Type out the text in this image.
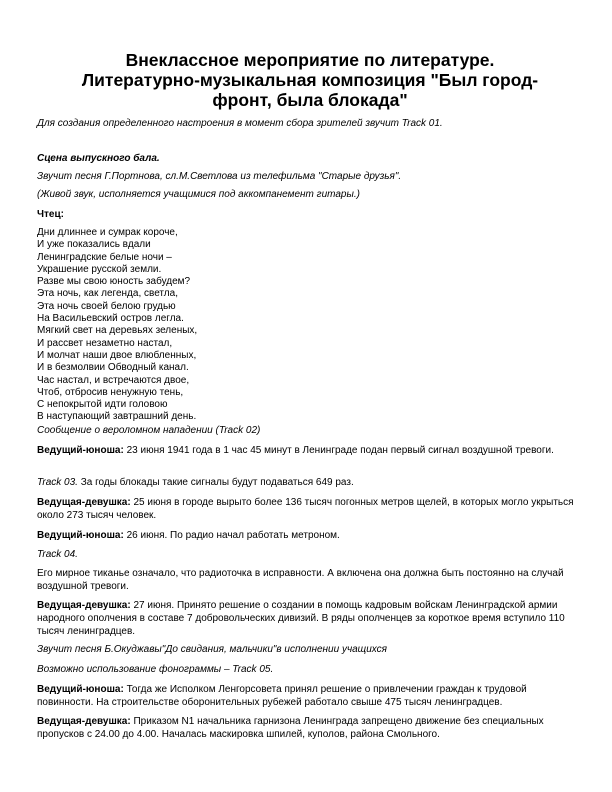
Внеклассное мероприятие по литературе.
Литературно-музыкальная композиция "Был город-
фронт, была блокада"

Для создания определенного настроения в момент сбора зрителей звучит Track 01.

Сцена выпускного бала.

Звучит песня Г.Портнова, сл.М.Светлова из телефильма "Старые друзья".

(Живой звук, исполняется учащимися под аккомпанемент гитары.)

Чтец:

Дни длиннее и сумрак короче,
И уже показались вдали
Ленинградские белые ночи –
Украшение русской земли.
Разве мы свою юность забудем?
Эта ночь, как легенда, светла,
Эта ночь своей белою грудью
На Васильевский остров легла.
Мягкий свет на деревьях зеленых,
И рассвет незаметно настал,
И молчат наши двое влюбленных,
И в безмолвии Обводный канал.
Час настал, и встречаются двое,
Чтоб, отбросив ненужную тень,
С непокрытой идти головою
В наступающий завтрашний день.

Сообщение о вероломном нападении (Track 02)

Ведущий-юноша: 23 июня 1941 года в 1 час 45 минут в Ленинграде подан первый сигнал воздушной тревоги.

Track 03. За годы блокады такие сигналы будут подаваться 649 раз.

Ведущая-девушка: 25 июня в городе вырыто более 136 тысяч погонных метров щелей, в которых могло укрыться около 273 тысяч человек.

Ведущий-юноша: 26 июня. По радио начал работать метроном.

Track 04.

Его мирное тиканье означало, что радиоточка в исправности. А включена она должна быть постоянно на случай воздушной тревоги.

Ведущая-девушка: 27 июня. Принято решение о создании в помощь кадровым войскам Ленинградской армии народного ополчения в составе 7 добровольческих дивизий. В ряды ополченцев за короткое время вступило 110 тысяч ленинградцев.

Звучит песня Б.Окуджавы"До свидания, мальчики"в исполнении учащихся

Возможно использование фонограммы – Track 05.

Ведущий-юноша: Тогда же Исполком Ленгорсовета принял решение о привлечении граждан к трудовой повинности. На строительстве оборонительных рубежей работало свыше 475 тысяч ленинградцев.

Ведущая-девушка: Приказом N1 начальника гарнизона Ленинграда запрещено движение без специальных пропусков с 24.00 до 4.00. Началась маскировка шпилей, куполов, района Смольного.
